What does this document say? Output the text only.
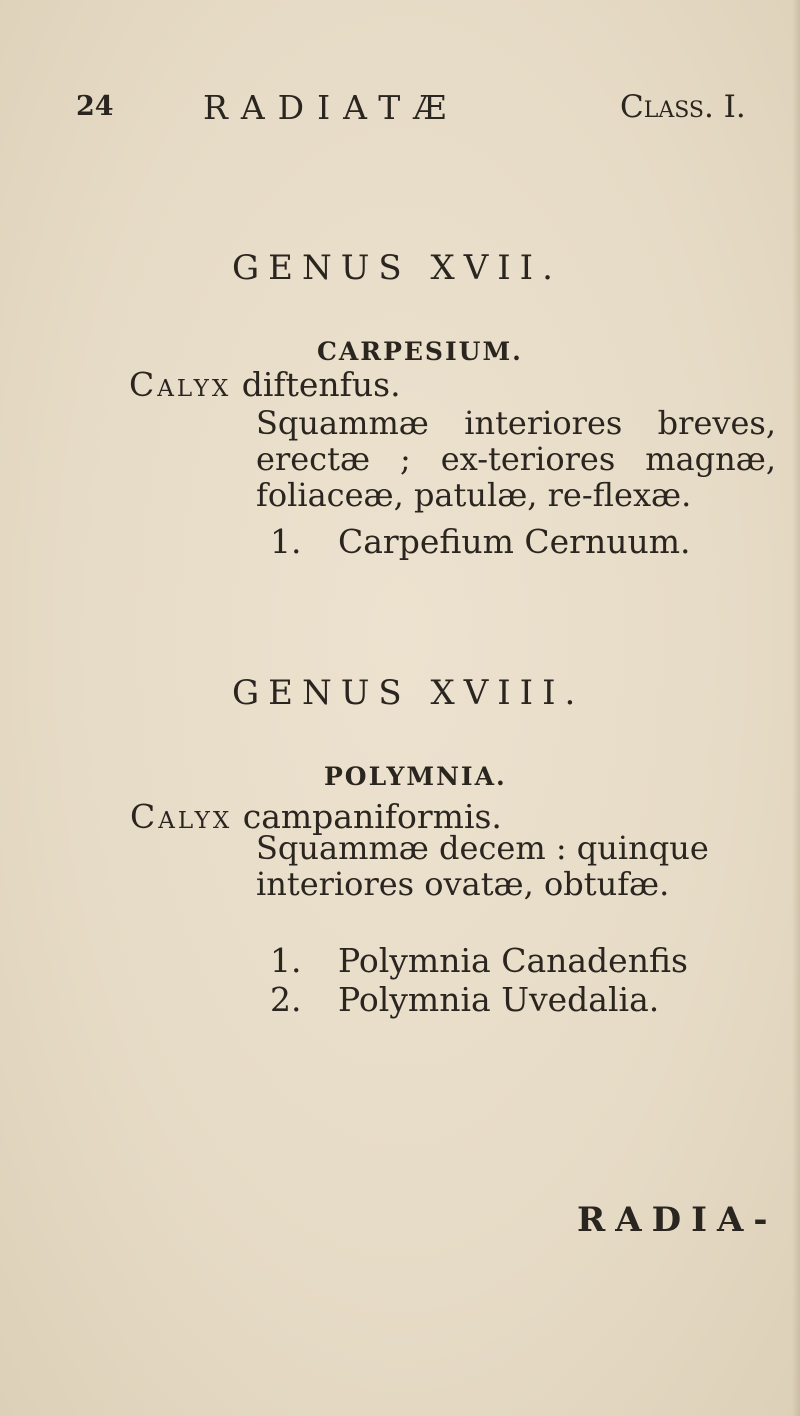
24	RADIATÆ	Class. I.
GENUS XVII.
CARPESIUM.
Calyx diftenfus.
Squammæ interiores breves, erectæ ; ex-teriores magnæ, foliaceæ, patulæ, re-flexæ.
1. Carpefium Cernuum.
GENUS XVIII.
POLYMNIA.
Calyx campaniformis.
Squammæ decem : quinque interiores ovatæ, obtufæ.
1. Polymnia Canadenfis
2. Polymnia Uvedalia.
RADIA-
